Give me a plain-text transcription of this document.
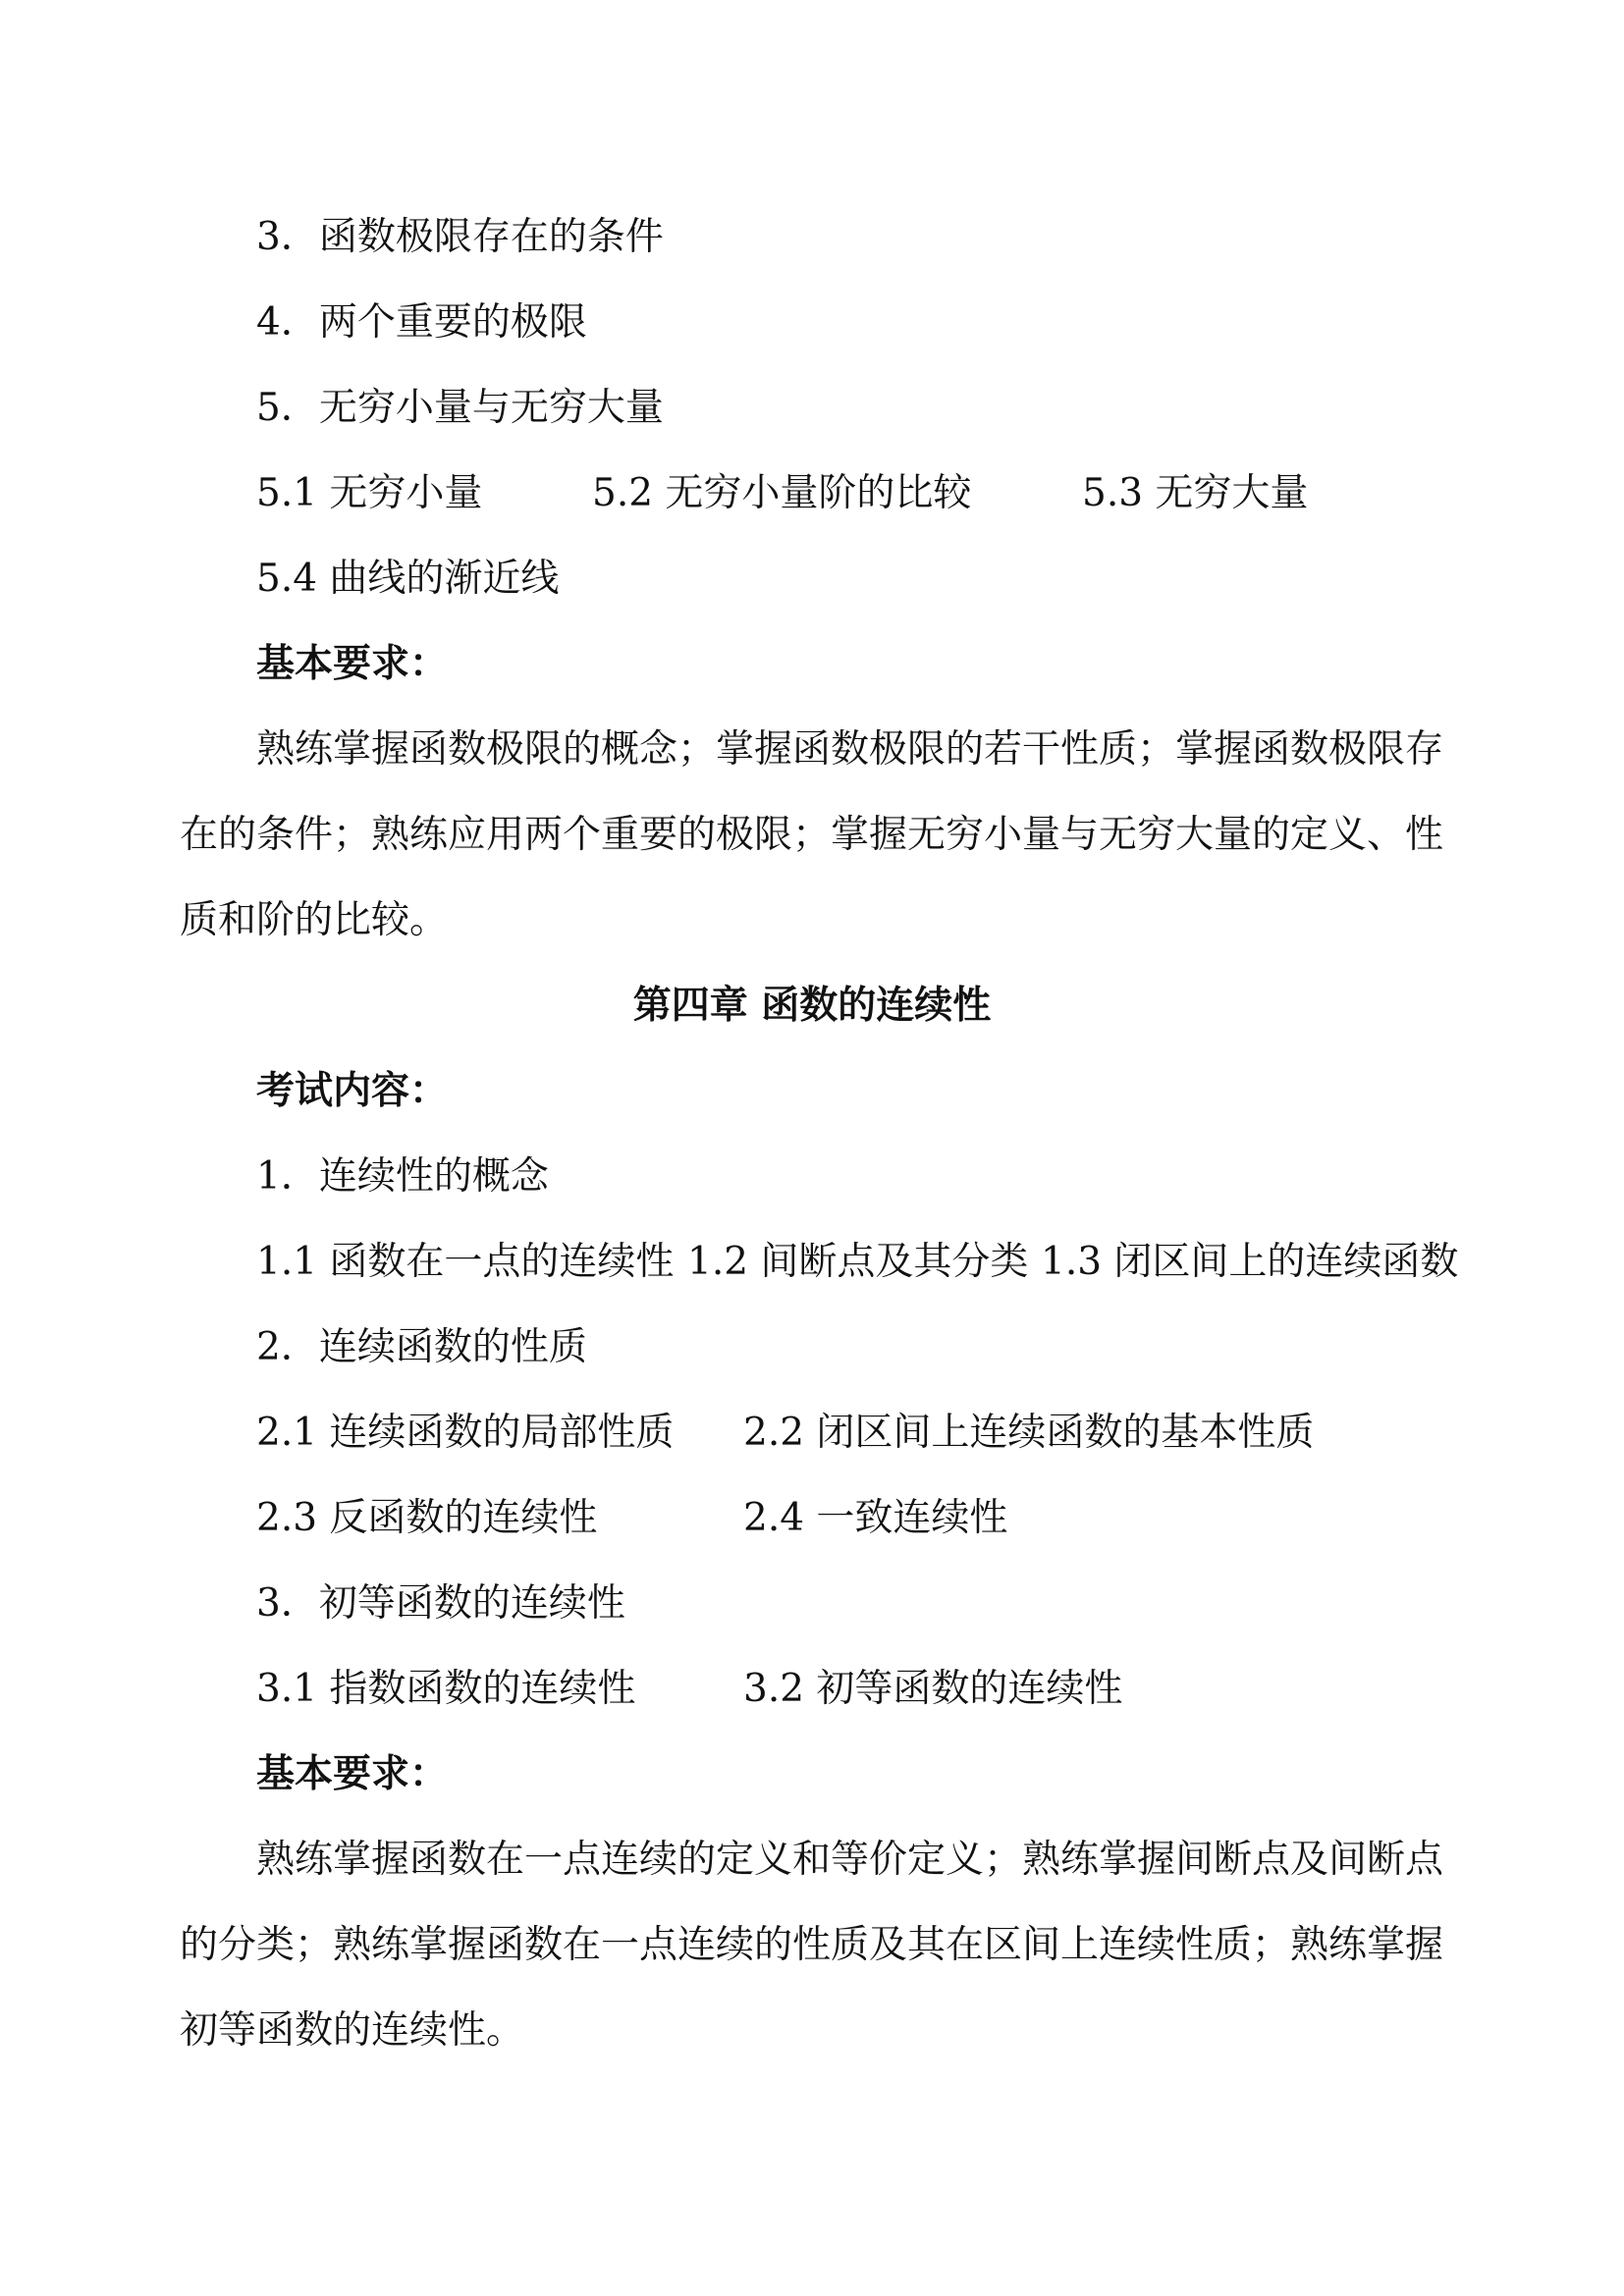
3．函数极限存在的条件
4．两个重要的极限
5．无穷小量与无穷大量
5.1 无穷小量	5.2 无穷小量阶的比较	5.3 无穷大量
5.4 曲线的渐近线
基本要求：
熟练掌握函数极限的概念；掌握函数极限的若干性质；掌握函数极限存
在的条件；熟练应用两个重要的极限；掌握无穷小量与无穷大量的定义、性
质和阶的比较。
第四章 函数的连续性
考试内容：
1．连续性的概念
1.1 函数在一点的连续性 1.2 间断点及其分类 1.3 闭区间上的连续函数
2．连续函数的性质
2.1 连续函数的局部性质 2.2 闭区间上连续函数的基本性质
2.3 反函数的连续性	2.4 一致连续性
3．初等函数的连续性
3.1 指数函数的连续性	3.2 初等函数的连续性
基本要求：
熟练掌握函数在一点连续的定义和等价定义；熟练掌握间断点及间断点
的分类；熟练掌握函数在一点连续的性质及其在区间上连续性质；熟练掌握
初等函数的连续性。
